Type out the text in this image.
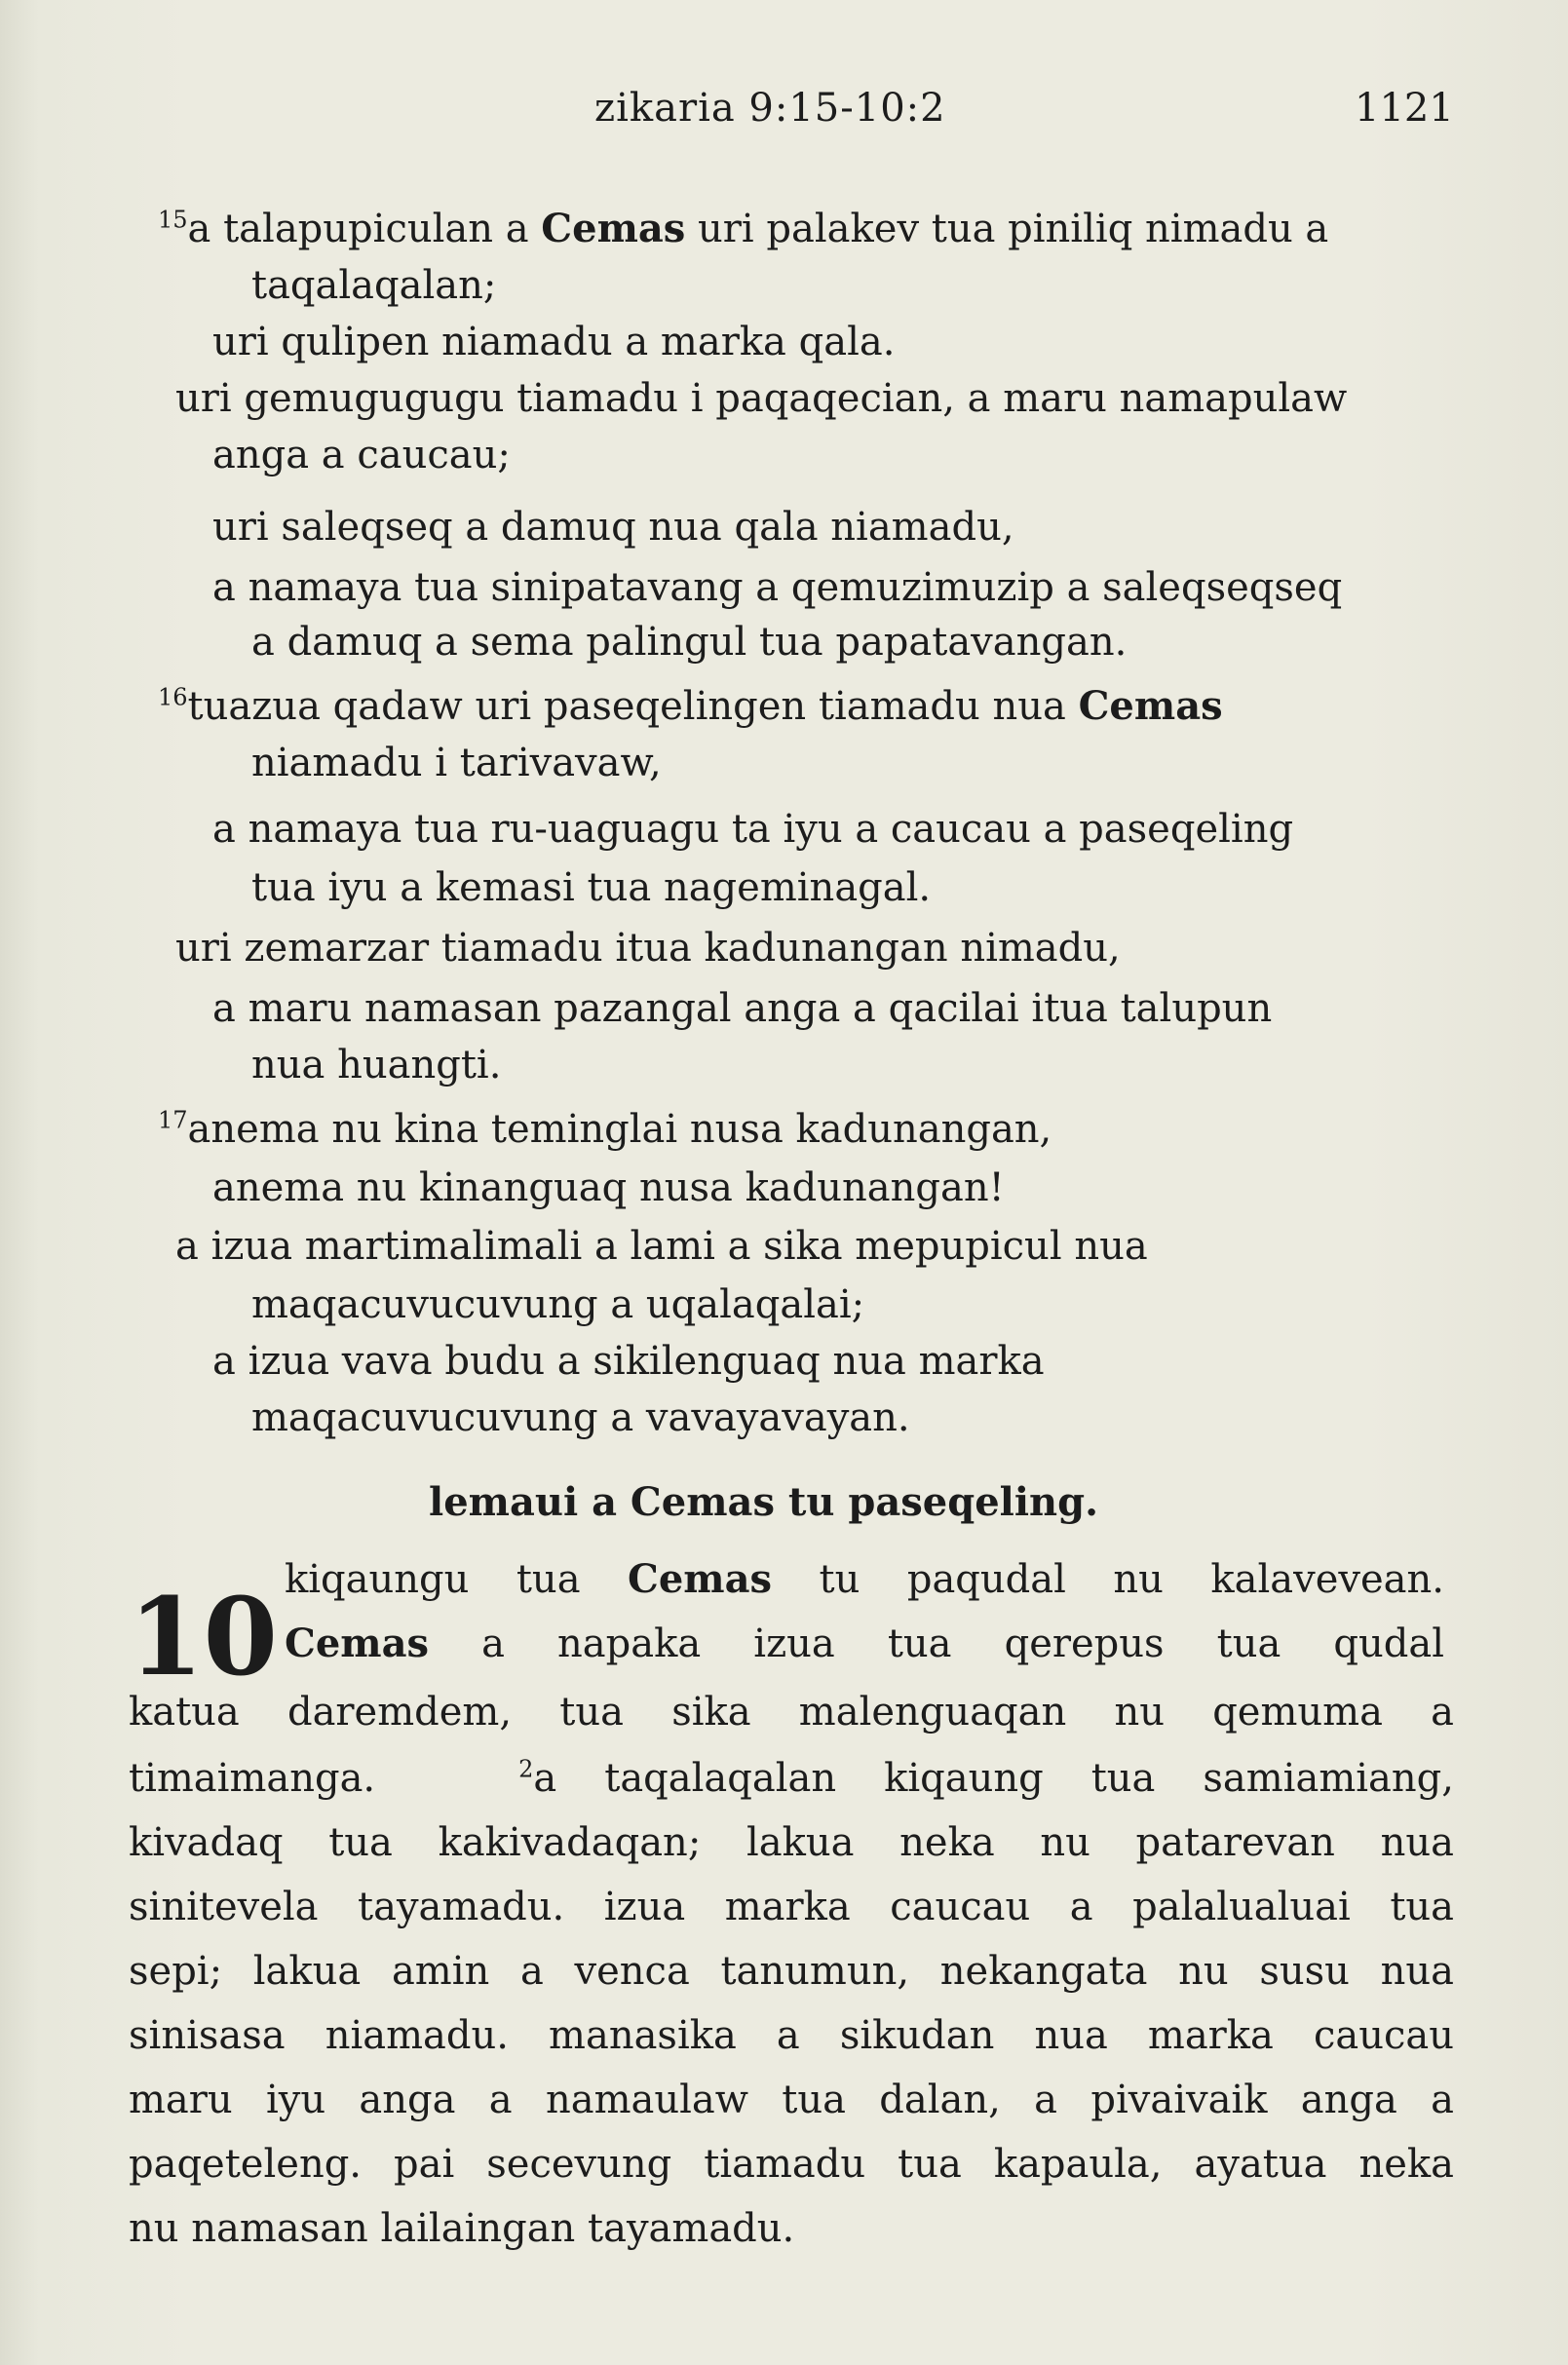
zikaria 9:15-10:2	1121
$^{15}$a talapupiculan a Cemas uri palakev tua piniliq nimadu a
taqalaqalan;
uri qulipen niamadu a marka qala.
uri gemugugugu tiamadu i paqaqecian, a maru namapulaw
anga a caucau;
uri saleqseq a damuq nua qala niamadu,
a namaya tua sinipatavang a qemuzimuzip a saleqseqseq
a damuq a sema palingul tua papatavangan.
$^{16}$tuazua qadaw uri paseqelingen tiamadu nua Cemas
niamadu i tarivavaw,
a namaya tua ru-uaguagu ta iyu a caucau a paseqeling
tua iyu a kemasi tua nageminagal.
uri zemarzar tiamadu itua kadunangan nimadu,
a maru namasan pazangal anga a qacilai itua talupun
nua huangti.
$^{17}$anema nu kina teminglai nusa kadunangan,
anema nu kinanguaq nusa kadunangan!
a izua martimalimali a lami a sika mepupicul nua
maqacuvucuvung a uqalaqalai;
a izua vava budu a sikilenguaq nua marka
maqacuvucuvung a vavayavayan.
lemaui a Cemas tu paseqeling.
10 kiqaungu tua Cemas tu paqudal nu kalavevean.
Cemas a napaka izua tua qerepus tua qudal
katua daremdem, tua sika malenguaqan nu qemuma a
timaimanga.	$^2$a taqalaqalan kiqaung tua samiamiang,
kivadaq tua kakivadaqan; lakua neka nu patarevan nua
sinitevela tayamadu. izua marka caucau a palalualuai tua
sepi; lakua amin a venca tanumun, nekangata nu susu nua
sinisasa niamadu. manasika a sikudan nua marka caucau
maru iyu anga a namaulaw tua dalan, a pivaivaik anga a
paqeteleng. pai secevung tiamadu tua kapaula, ayatua neka
nu namasan lailaingan tayamadu.
